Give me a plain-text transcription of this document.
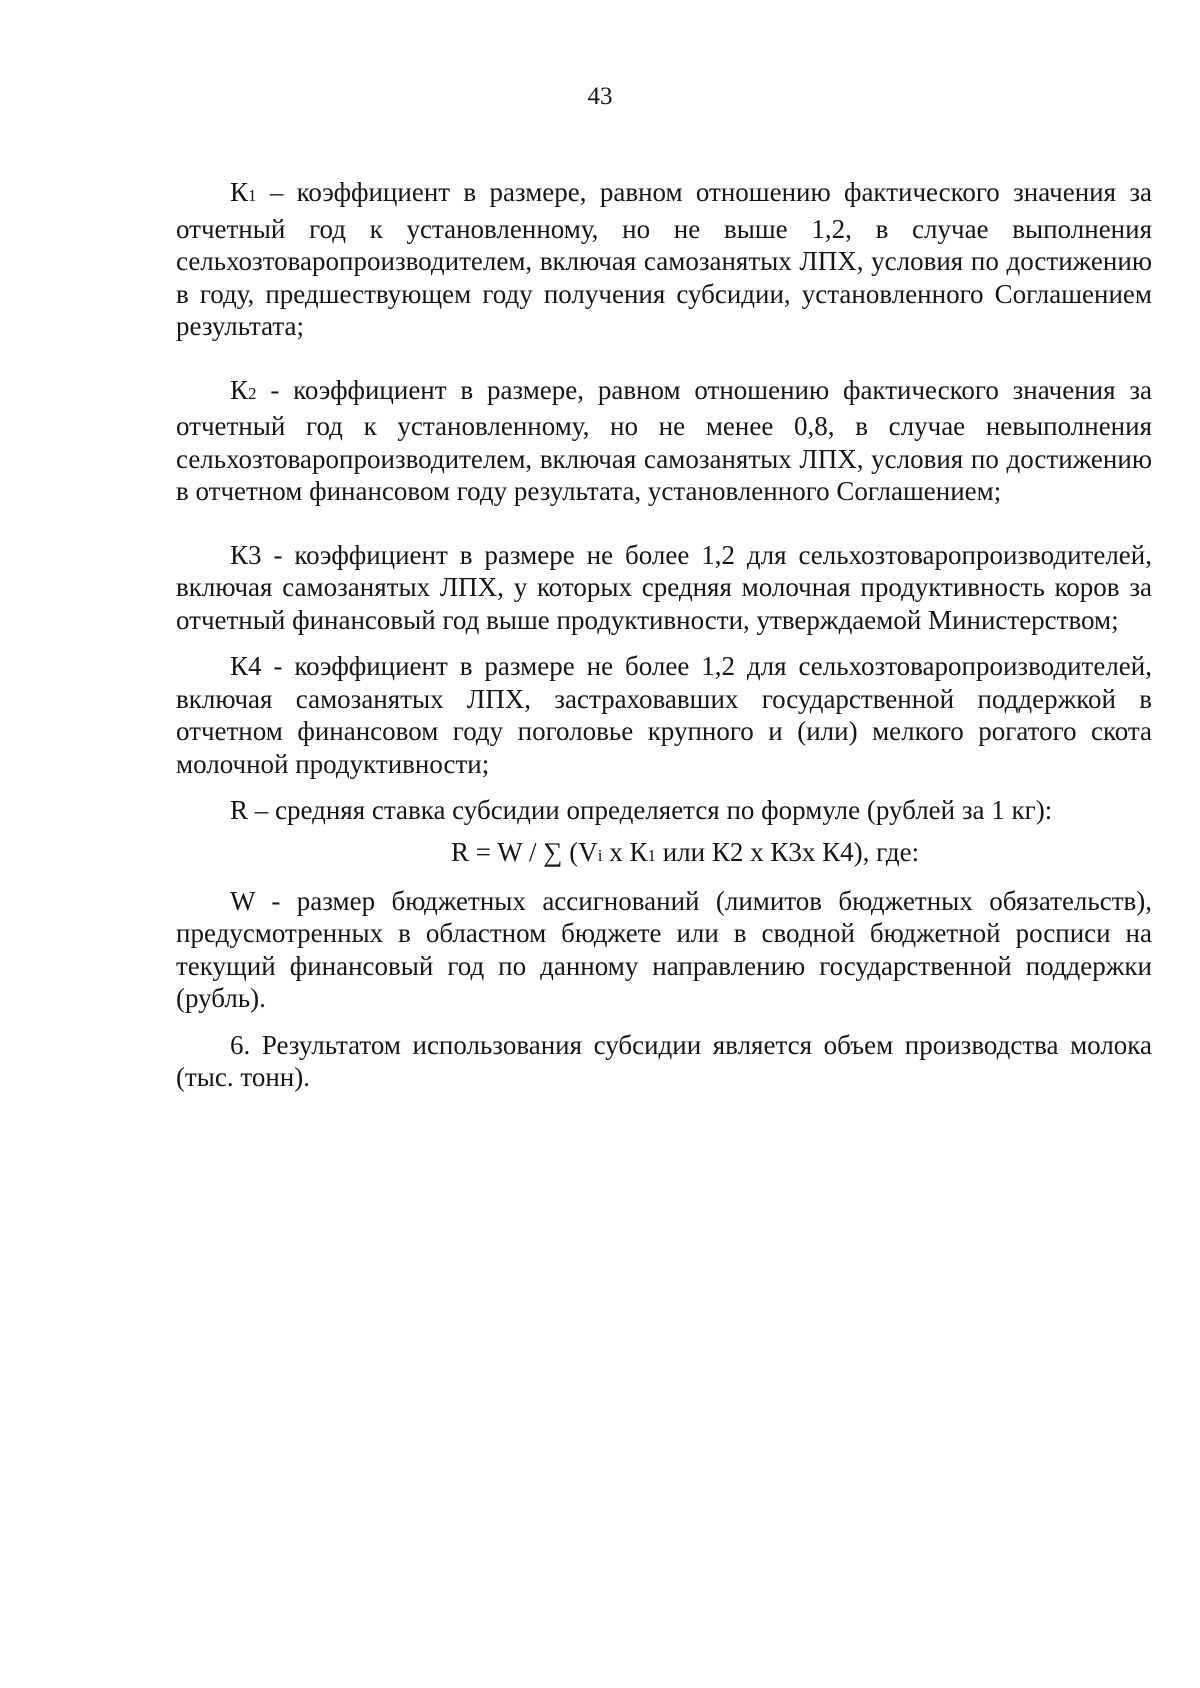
43

К1 – коэффициент в размере, равном отношению фактического значения за отчетный год к установленному, но не выше 1,2, в случае выполнения сельхозтоваропроизводителем, включая самозанятых ЛПХ, условия по достижению в году, предшествующем году получения субсидии, установленного Соглашением результата;

К2 - коэффициент в размере, равном отношению фактического значения за отчетный год к установленному, но не менее 0,8, в случае невыполнения сельхозтоваропроизводителем, включая самозанятых ЛПХ, условия по достижению в отчетном финансовом году результата, установленного Соглашением;

К3 - коэффициент в размере не более 1,2 для сельхозтоваропроизводителей, включая самозанятых ЛПХ, у которых средняя молочная продуктивность коров за отчетный финансовый год выше продуктивности, утверждаемой Министерством;

К4 - коэффициент в размере не более 1,2 для сельхозтоваропроизводителей, включая самозанятых ЛПХ, застраховавших государственной поддержкой в отчетном финансовом году поголовье крупного и (или) мелкого рогатого скота молочной продуктивности;

R – средняя ставка субсидии определяется по формуле (рублей за 1 кг):

R = W / ∑ (Vi х К1 или К2 х К3х К4), где:

W - размер бюджетных ассигнований (лимитов бюджетных обязательств), предусмотренных в областном бюджете или в сводной бюджетной росписи на текущий финансовый год по данному направлению государственной поддержки (рубль).

6. Результатом использования субсидии является объем производства молока (тыс. тонн).
